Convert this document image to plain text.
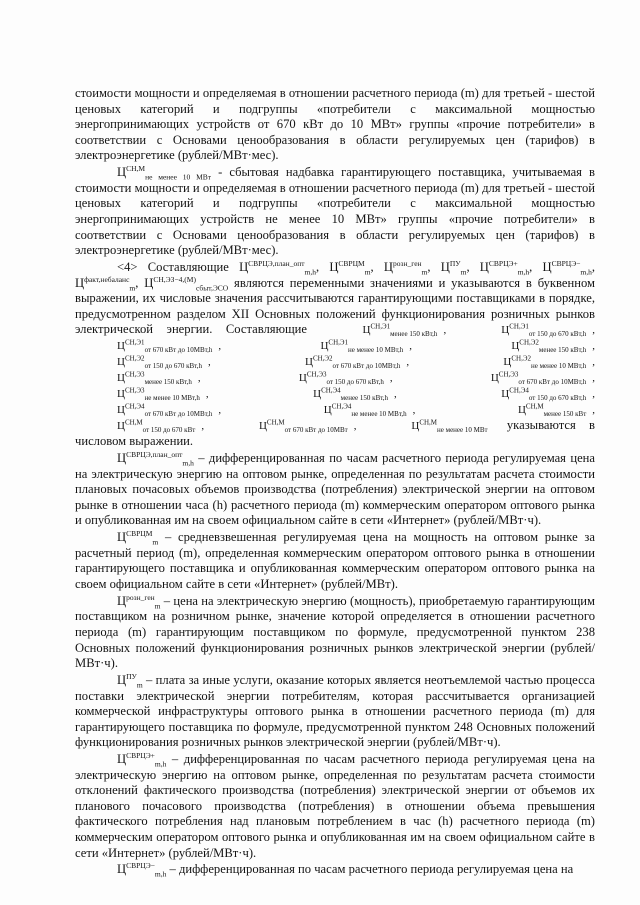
стоимости мощности и определяемая в отношении расчетного периода (m) для третьей - шестой ценовых категорий и подгруппы «потребители с максимальной мощностью энергопринимающих устройств от 670 кВт до 10 МВт» группы «прочие потребители» в соответствии с Основами ценообразования в области регулируемых цен (тарифов) в электроэнергетике (рублей/МВт·мес).

$Ц^{СН,М}_{не менее 10 МВт}$ - сбытовая надбавка гарантирующего поставщика, учитываемая в стоимости мощности и определяемая в отношении расчетного периода (m) для третьей - шестой ценовых категорий и подгруппы «потребители с максимальной мощностью энергопринимающих устройств не менее 10 МВт» группы «прочие потребители» в соответствии с Основами ценообразования в области регулируемых цен (тарифов) в электроэнергетике (рублей/МВт·мес).

<4> Составляющие $Ц^{СВРЦЭ,план\_опт}_{m,h}$, $Ц^{СВРЦМ}_m$, $Ц^{розн\_ген}_m$, $Ц^{ПУ}_m$, $Ц^{СВРЦЭ+}_{m,h}$, $Ц^{СВРЦЭ-}_{m,h}$, $Ц^{факт,небаланс}_m$, $Ц^{СН,ЭЗ-4,(М)}_{сбыт,ЭСО}$ являются переменными значениями и указываются в буквенном выражении, их числовые значения рассчитываются гарантирующими поставщиками в порядке, предусмотренном разделом XII Основных положений функционирования розничных рынков электрической энергии. Составляющие	$Ц^{СН,Э1}_{менее 150 кВт,h}$ ,	$Ц^{СН,Э1}_{от 150 до 670 кВт,h}$ , $Ц^{СН,Э1}_{от 670 кВт до 10МВт,h}$ ,	$Ц^{СН,Э1}_{не менее 10 МВт,h}$ ,	$Ц^{СН,Э2}_{менее 150 кВт,h}$ , $Ц^{СН,Э2}_{от 150 до 670 кВт,h}$ ,	$Ц^{СН,Э2}_{от 670 кВт до 10МВт,h}$ ,	$Ц^{СН,Э2}_{не менее 10 МВт,h}$ , $Ц^{СН,Э3}_{менее 150 кВт,h}$ ,	$Ц^{СН,Э3}_{от 150 до 670 кВт,h}$ ,	$Ц^{СН,Э3}_{от 670 кВт до 10МВт,h}$ , $Ц^{СН,Э3}_{не менее 10 МВт,h}$ ,	$Ц^{СН,Э4}_{менее 150 кВт,h}$ ,	$Ц^{СН,Э4}_{от 150 до 670 кВт,h}$ , $Ц^{СН,Э4}_{от 670 кВт до 10МВт,h}$ ,	$Ц^{СН,Э4}_{не менее 10 МВт,h}$ ,	$Ц^{СН,М}_{менее 150 кВт}$ , $Ц^{СН,М}_{от 150 до 670 кВт}$ ,	$Ц^{СН,М}_{от 670 кВт до 10МВт}$ ,	$Ц^{СН,М}_{не менее 10 МВт}$ указываются в числовом выражении.

$Ц^{СВРЦЭ,план\_опт}_{m,h}$ – дифференцированная по часам расчетного периода регулируемая цена на электрическую энергию на оптовом рынке, определенная по результатам расчета стоимости плановых почасовых объемов производства (потребления) электрической энергии на оптовом рынке в отношении часа (h) расчетного периода (m) коммерческим оператором оптового рынка и опубликованная им на своем официальном сайте в сети «Интернет» (рублей/МВт·ч).

$Ц^{СВРЦМ}_m$ – средневзвешенная регулируемая цена на мощность на оптовом рынке за расчетный период (m), определенная коммерческим оператором оптового рынка в отношении гарантирующего поставщика и опубликованная коммерческим оператором оптового рынка на своем официальном сайте в сети «Интернет» (рублей/МВт).

$Ц^{розн\_ген}_m$ – цена на электрическую энергию (мощность), приобретаемую гарантирующим поставщиком на розничном рынке, значение которой определяется в отношении расчетного периода (m) гарантирующим поставщиком по формуле, предусмотренной пунктом 238 Основных положений функционирования розничных рынков электрической энергии (рублей/МВт·ч).

$Ц^{ПУ}_m$ – плата за иные услуги, оказание которых является неотъемлемой частью процесса поставки электрической энергии потребителям, которая рассчитывается организацией коммерческой инфраструктуры оптового рынка в отношении расчетного периода (m) для гарантирующего поставщика по формуле, предусмотренной пунктом 248 Основных положений функционирования розничных рынков электрической энергии (рублей/МВт·ч).

$Ц^{СВРЦЭ+}_{m,h}$ – дифференцированная по часам расчетного периода регулируемая цена на электрическую энергию на оптовом рынке, определенная по результатам расчета стоимости отклонений фактического производства (потребления) электрической энергии от объемов их планового почасового производства (потребления) в отношении объема превышения фактического потребления над плановым потреблением в час (h) расчетного периода (m) коммерческим оператором оптового рынка и опубликованная им на своем официальном сайте в сети «Интернет» (рублей/МВт·ч).

$Ц^{СВРЦЭ-}_{m,h}$ – дифференцированная по часам расчетного периода регулируемая цена на
